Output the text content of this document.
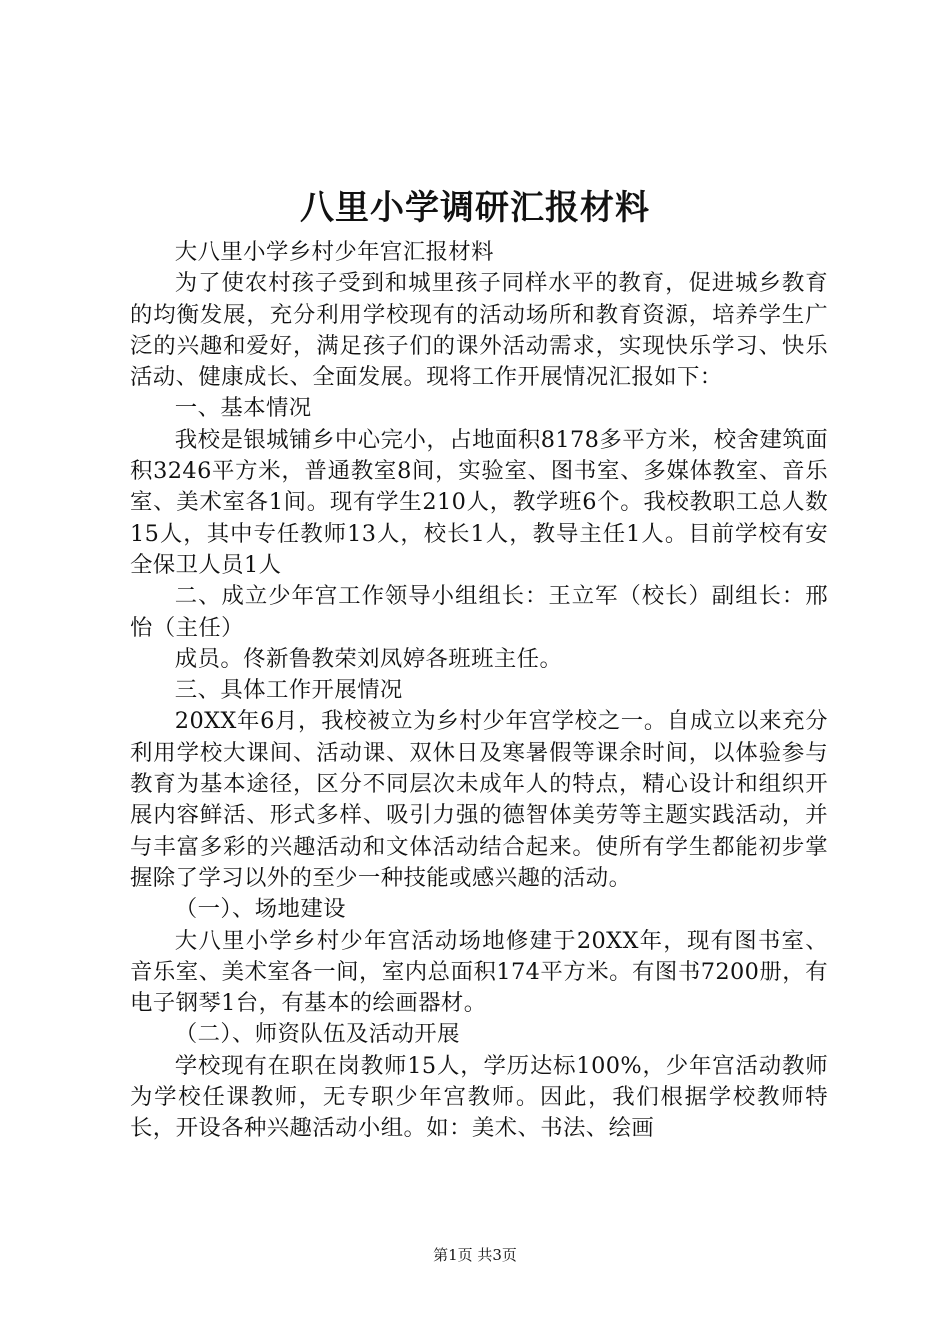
八里小学调研汇报材料

大八里小学乡村少年宫汇报材料

为了使农村孩子受到和城里孩子同样水平的教育，促进城乡教育的均衡发展，充分利用学校现有的活动场所和教育资源，培养学生广泛的兴趣和爱好，满足孩子们的课外活动需求，实现快乐学习、快乐活动、健康成长、全面发展。现将工作开展情况汇报如下：

一、基本情况

我校是银城铺乡中心完小，占地面积8178多平方米，校舍建筑面积3246平方米，普通教室8间，实验室、图书室、多媒体教室、音乐室、美术室各1间。现有学生210人，教学班6个。我校教职工总人数15人，其中专任教师13人，校长1人，教导主任1人。目前学校有安全保卫人员1人

二、成立少年宫工作领导小组组长：王立军（校长）副组长：邢怡（主任）

成员。佟新鲁教荣刘凤婷各班班主任。

三、具体工作开展情况

20XX年6月，我校被立为乡村少年宫学校之一。自成立以来充分利用学校大课间、活动课、双休日及寒暑假等课余时间，以体验参与教育为基本途径，区分不同层次未成年人的特点，精心设计和组织开展内容鲜活、形式多样、吸引力强的德智体美劳等主题实践活动，并与丰富多彩的兴趣活动和文体活动结合起来。使所有学生都能初步掌握除了学习以外的至少一种技能或感兴趣的活动。

（一）、场地建设

大八里小学乡村少年宫活动场地修建于20XX年，现有图书室、音乐室、美术室各一间，室内总面积174平方米。有图书7200册，有电子钢琴1台，有基本的绘画器材。

（二）、师资队伍及活动开展

学校现有在职在岗教师15人，学历达标100%，少年宫活动教师为学校任课教师，无专职少年宫教师。因此，我们根据学校教师特长，开设各种兴趣活动小组。如：美术、书法、绘画

第1页 共3页
